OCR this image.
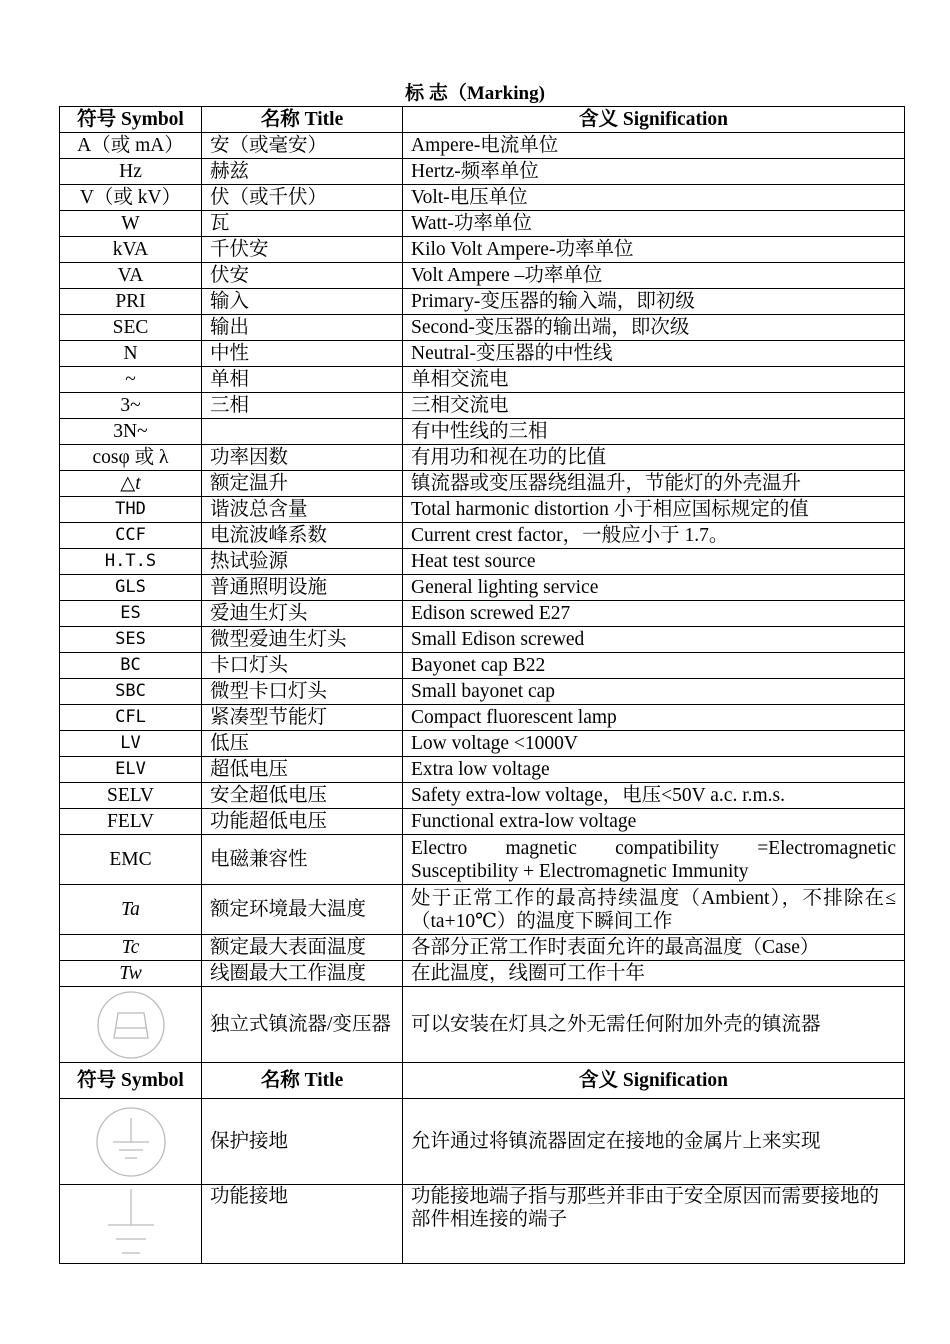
标 志（Marking)
符号 Symbol	名称 Title	含义 Signification
A（或 mA）	安（或毫安）	Ampere-电流单位
Hz	赫兹	Hertz-频率单位
V（或 kV）	伏（或千伏）	Volt-电压单位
W	瓦	Watt-功率单位
kVA	千伏安	Kilo Volt Ampere-功率单位
VA	伏安	Volt Ampere –功率单位
PRI	输入	Primary-变压器的输入端，即初级
SEC	输出	Second-变压器的输出端，即次级
N	中性	Neutral-变压器的中性线
~	单相	单相交流电
3~	三相	三相交流电
3N~		有中性线的三相
cosφ 或 λ	功率因数	有用功和视在功的比值
△t	额定温升	镇流器或变压器绕组温升，节能灯的外壳温升
THD	谐波总含量	Total harmonic distortion 小于相应国标规定的值
CCF	电流波峰系数	Current crest factor，一般应小于 1.7。
H.T.S	热试验源	Heat test source
GLS	普通照明设施	General lighting service
ES	爱迪生灯头	Edison screwed E27
SES	微型爱迪生灯头	Small Edison screwed
BC	卡口灯头	Bayonet cap B22
SBC	微型卡口灯头	Small bayonet cap
CFL	紧凑型节能灯	Compact fluorescent lamp
LV	低压	Low voltage <1000V
ELV	超低电压	Extra low voltage
SELV	安全超低电压	Safety extra-low voltage，电压<50V a.c. r.m.s.
FELV	功能超低电压	Functional extra-low voltage
EMC	电磁兼容性	Electro magnetic compatibility =Electromagnetic Susceptibility + Electromagnetic Immunity
Ta	额定环境最大温度	处于正常工作的最高持续温度（Ambient），不排除在≤（ta+10℃）的温度下瞬间工作
Tc	额定最大表面温度	各部分正常工作时表面允许的最高温度（Case）
Tw	线圈最大工作温度	在此温度，线圈可工作十年

	独立式镇流器/变压器	可以安装在灯具之外无需任何附加外壳的镇流器
符号 Symbol	名称 Title	含义 Signification

	保护接地	允许通过将镇流器固定在接地的金属片上来实现

	功能接地	功能接地端子指与那些并非由于安全原因而需要接地的部件相连接的端子
